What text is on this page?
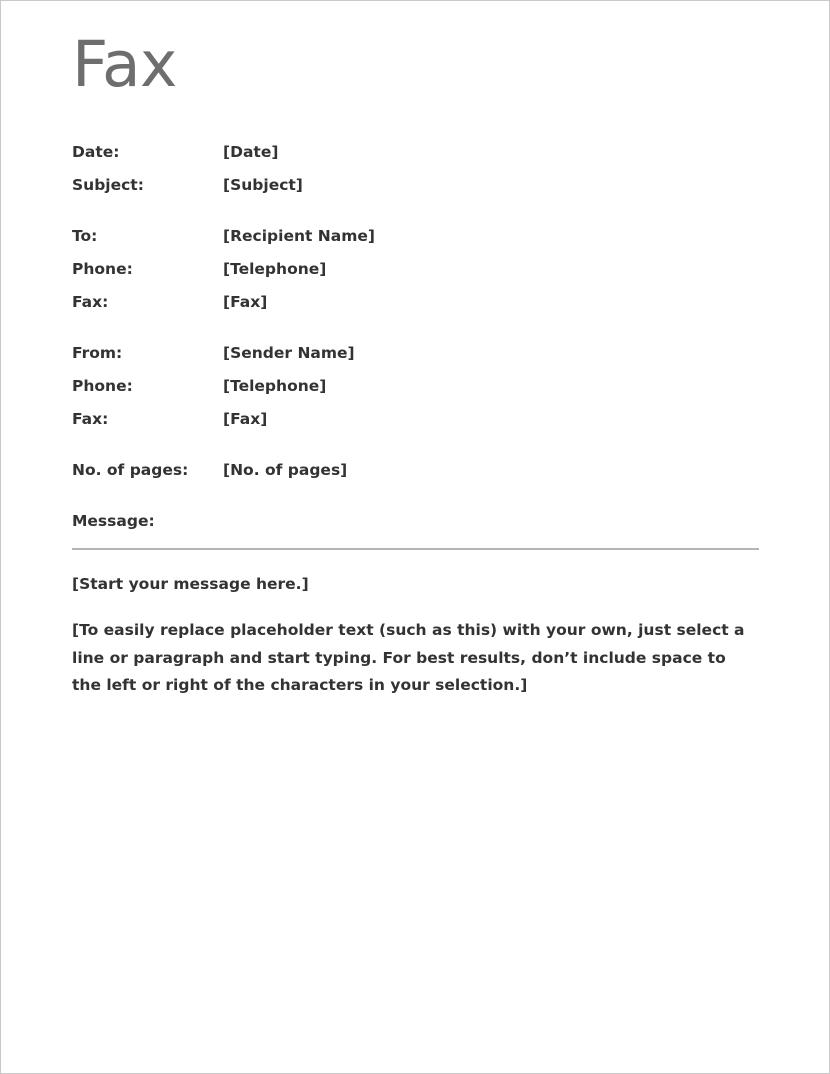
Fax
Date:	[Date]
Subject:	[Subject]
To:	[Recipient Name]
Phone:	[Telephone]
Fax:	[Fax]
From:	[Sender Name]
Phone:	[Telephone]
Fax:	[Fax]
No. of pages:	[No. of pages]
Message:

[Start your message here.]

[To easily replace placeholder text (such as this) with your own, just select a line or paragraph and start typing. For best results, don’t include space to the left or right of the characters in your selection.]
